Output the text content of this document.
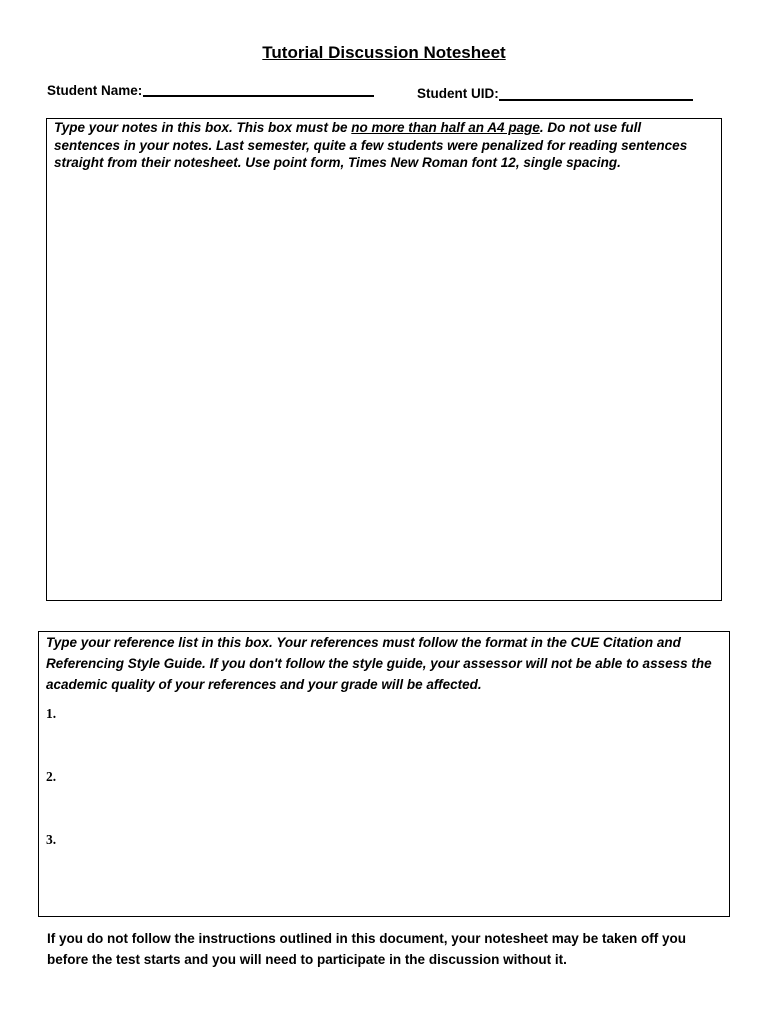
Tutorial Discussion Notesheet
Student Name:	Student UID:
Type your notes in this box. This box must be no more than half an A4 page. Do not use full sentences in your notes. Last semester, quite a few students were penalized for reading sentences straight from their notesheet. Use point form, Times New Roman font 12, single spacing.
Type your reference list in this box. Your references must follow the format in the CUE Citation and Referencing Style Guide. If you don't follow the style guide, your assessor will not be able to assess the academic quality of your references and your grade will be affected.
1.
2.
3.
If you do not follow the instructions outlined in this document, your notesheet may be taken off you before the test starts and you will need to participate in the discussion without it.
